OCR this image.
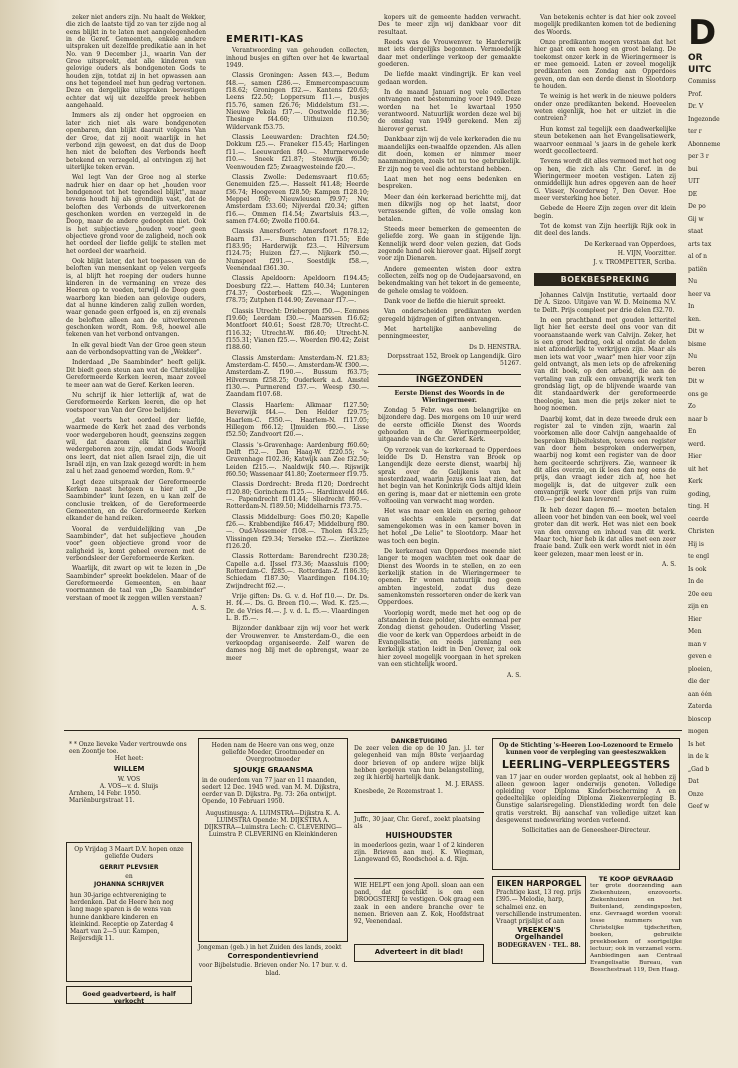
zeker niet anders zijn. Nu haalt de Wekker, die zich de laatste tijd zo van ter zijde nog al eens blijkt in te laten met aangelegenheden in de Geref. Gemeenten, enkele andere uitspraken uit dezelfde predikatie aan in het No. van 9 December j.l., waarin Van der Groe uitspreekt, dat alle kinderen van gelovige ouders als bondgenoten Gods te houden zijn, totdat zij in het opwassen aan ons het tegendeel met hun gedrag vertonen. Deze en dergelijke uitspraken bevestigen echter dat wij uit dezelfde preek hebben aangehaald.

Immers als zij onder het opgroeien en later zich niet als ware bondgenoten openbaren, dan blijkt daaruit volgens Van der Groe, dat zij nooit waarlijk in het verbond zijn geweest, en dat dus de Doop hen niet de beloften des Verbonds heeft betekend en verzegeld, al ontvingen zij het uiterlijke teken ervan.

Wel legt Van der Groe nog al sterke nadruk hier en daar op het „houden voor bondgenoot tot het tegendeel blijkt", maar tevens houdt hij als grondlijn vast, dat de beloften des Verbonds de uitverkorenen geschonken worden en verzegeld in de Doop, maar de andere gedoopten niet. Ook is het subjectieve „houden voor" geen objectieve grond voor de zaligheid, noch ook het oordeel der liefde gelijk te stellen met het oordeel der waarheid.

Ook blijkt later, dat het toepassen van de beloften van mensenkant op velen vergeefs is, al blijft het roeping der ouders hunne kinderen in de vermaning en vreze des Heeren op te voeden, terwijl de Doop geen waarborg kan bieden aan gelovige ouders, dat al hunne kinderen zalig zullen worden, waar genade geen erfgoed is, en zij evenals de beloften alleen aan de uitverkorenen geschonken wordt, Rom. 9:8, hoewel alle tekenen van het verbond ontvangen.

In elk geval biedt Van der Groe geen steun aan de verbondsopvatting van de „Wekker".

Inderdaad „De Saambinder" heeft gelijk. Dit biedt geen steun aan wat de Christelijke Gereformeerde Kerken leeren, maar zoveel te meer aan wat de Geref. Kerken leeren.

Nu schrijf ik hier letterlijk af, wat de Gereformeerde Kerken leeren, die op het voetspoor van Van der Groe belijden:

„dat veerts het oordeel der liefde, waarmede de Kerk het zaad des verbonds voor wedergeboren houdt, geenszins zeggen wil, dat daarom elk kind waarlijk wedergeboren zou zijn, omdat Gods Woord ons leert, dat niet allen Israel zijn, die uit Israël zijn, en van Izak gezegd wordt: in hem zal u het zaad genoemd worden, Rom. 9."

Legt deze uitspraak der Gereformeerde Kerken naast hetgeen u hier uit „De Saambinder" kunt lezen, en u kan zelf de conclusie trekken, of de Gereformeerde Gemeenten, en de Gereformeerde Kerken elkander de hand reiken.

Vooral de verduidelijking van „De Saambinder", dat het subjectieve „houden voor" geen objectieve grond voor de zaligheid is, komt geheel overeen met de verbondsleer der Gereformeerde Kerken.

Waarlijk, dit zwart op wit te lezen in „De Saambinder" spreekt boekdelen. Maar of de Gereformeerde Gemeenten, en haar voormannen de taal van „De Saambinder" verstaan of moet ik zeggen willen verstaan?

A. S.
EMERITI-KAS

Verantwoording van gehouden collecten, inhoud busjes en giften over het 4e kwartaal 1949.

Classis Groningen: Assen f43.—, Bedum f48.—, samen f286.—. Emmercompascuum f18.62; Groningen f32.—. Kantens f20.63; Leens f22.50; Loppersum f11.—, busjes f15.76, samen f26.76; Middelstum f31.—. Nieuwe Pekela f37.—. Oostwolde f12.36; Thesinge f44.60; Uithuizen f10.50; Wildervank f53.75.

Classis Leeuwarden: Drachten f24.50; Dokkum f25.—. Franeker f15.45; Harlingen f11.—. Leeuwarden f40.—. Murmerwoude f10.—. Sneek f21.87; Steenwijk f6.50; Veenwouden f25; Zwaagwesteinde f20.—.

Classis Zwolle: Dedemsvaart f10.65; Genemuiden f25.—. Hasselt f41.48; Heerde f36.74; Hoogeveen f28.50; Kampen f128.10; Meppel f60; Nieuwleusen f9.97; Nw. Amsterdam f33.60; Nijverdal f20.34; giften f16.—. Ommen f14.54; Zwartsluis f43.—, samen f74.60; Zwolle f100.64.

Classis Amersfoort: Amersfoort f178.12; Baarn f31.—. Bunschoten f171.55; Ede f183.95; Harderwijk f23.—. Hilversum f124.75; Huizen f27.—. Nijkerk f50.—. Nunspeet f291.—. Soestdijk f58.—, Veenendaal f361.30.

Classis Apeldoorn: Apeldoorn f194.45; Doesburg f22.—. Hattem f40.34; Lunteren f74.37; Oosterbeek f25.—. Wageningen f78.75; Zutphen f144.90; Zevenaar f17.—.

Classis Utrecht: Driebergen f50.—. Eemnes f19.60; Leerdam f30.—. Maarssen f16.62; Montfoort f40.61; Soest f28.70; Utrecht-C. f116.32; Utrecht-W. f86.40; Utrecht-N. f155.31; Vianen f25.—. Woerden f90.42; Zeist f188.60.

Classis Amsterdam: Amsterdam-N. f21.83; Amsterdam-C. f450.—. Amsterdam-W. f300.—. Amsterdam-Z. f190.—. Bussum f63.75; Hilversum f258.25; Ouderkerk a.d. Amstel f130.—. Purmerend f37.—. Weesp f30.—. Zaandam f107.68.

Classis Haarlem: Alkmaar f127.50; Beverwijk f44.—. Den Helder f29.75; Haarlem-C. f350.—. Haarlem-N. f117.05; Hillegom f66.12; IJmuiden f60.—. Lisse f52.50; Zandvoort f20.—.

Classis 's-Gravenhage: Aardenburg f60.60; Delft f52.—. Den Haag-W. f220.55; 's-Gravenhage f102.36; Katwijk aan Zee f32.50; Leiden f215.—. Naaldwijk f40.—. Rijswijk f60.50; Wassenaar f41.80; Zoetermeer f19.75.

Classis Dordrecht: Breda f120; Dordrecht f120.80; Gorinchem f125.—. Hardinxveld f46.—. Papendrecht f101.44; Sliedrecht f60.—. Rotterdam-N. f189.50; Middelharnis f73.75.

Classis Middelburg: Goes f50.20; Kapelle f26.—. Krabbendijke f46.47; Middelburg f80.—. Oud-Vossemeer f108.—. Tholen f43.25; Vlissingen f29.34; Yerseke f52.—. Zierikzee f126.20.

Classis Rotterdam: Barendrecht f230.28; Capelle a.d. IJssel f73.36; Maassluis f100; Rotterdam-C. f285.—. Rotterdam-Z. f186.35; Schiedam f187.30; Vlaardingen f104.10; Zwijndrecht f62.—.

Vrije giften: Ds. G. v. d. Hof f10.—. Dr. Ds. H. f4.—. Ds. G. Breen f10.—. Wed. K. f25.—. Dr. de Vries f4.—. J. v. d. L. f5.—. Vlaardingen L. B. f5.—.

Bijzonder dankbaar zijn wij voor het werk der Vrouwenver. te Amsterdam-O., die een verkoopdag organiseerde. Zelf waren de dames nog blij met de opbrengst, waar ze meer

kopers uit de gemeente hadden verwacht. Des te meer zijn wij dankbaar voor dit resultaat.

Reeds was de Vrouwenver. te Harderwijk met iets dergelijks begonnen. Vermoedelijk daar met onderlinge verkoop der gemaakte goederen.

De liefde maakt vindingrijk. Er kan veel gedaan worden.

In de maand Januari nog vele collecten ontvangen met bestemming voor 1949. Deze worden na het 1e kwartaal 1950 verantwoord. Natuurlijk worden deze wel bij de omslag van 1949 gerekend. Men zij hierover gerust.

Dankbaar zijn wij de vele kerkeraden die nu maandelijks een-twaalfde opzenden. Als allen dit doen, komen er nimmer meer naanmaningen, zoals tot nu toe gebruikelijk. Er zijn nog te veel die achterstand hebben.

Laat men het nog eens bedenken en bespreken.

Meer dan één kerkeraad berichtte mij, dat men dikwijls nog op het laatst, door verrassende giften, de volle omslag kon betalen.

Steeds meer bemerken de gemeenten de geliefde zorg. We gaan in stijgende lijn. Kennelijk werd door velen gezien, dat Gods zegende hand ook hierover gaat. Hijself zorgt voor zijn Dienaren.

Andere gemeenten wisten door extra collecten, zelfs nog op de Oudejaarsavond, en bekendmaking van het tekort in de gemeente, de gehele omslag te voldoen.

Dank voor de liefde die hieruit spreekt.

Van onderscheiden predikanten werden geregeld bijdragen of giften ontvangen.

Met hartelijke aanbeveling de penningmeester,

Ds D. HENSTRA.
Dorpsstraat 152, Broek op Langendijk. Giro 51267.
INGEZONDEN
Eerste Dienst des Woords in de Wieringermeer.

Zondag 5 Febr. was een belangrijke en bijzondere dag. Des morgens om 10 uur werd de eerste officiële Dienst des Woords gehouden in de Wieringermeerpolder, uitgaande van de Chr. Geref. Kerk.

Op verzoek van de kerkeraad te Opperdoes leidde Ds D. Henstra van Broek op Langendijk deze eerste dienst, waarbij hij sprak over de Gelijkenis van het mosterdzaad, waarin Jezus ons laat zien, dat het begin van het Koninkrijk Gods altijd klein en gering is, maar dat er niettemin een grote voltooiing van verwacht mag worden.

Het was maar een klein en gering gehoor van slechts enkele personen, dat samengekomen was in een kamer boven in het hotel „De Lelie" te Slootdorp. Maar het was toch een begin.

De kerkeraad van Opperdoes meende niet langer te mogen wachten met ook daar de Dienst des Woords in te stellen, en zo een kerkelijk station in de Wieringermeer te openen. Er wonen natuurlijk nog geen ambten ingesteld, zodat dus deze samenkomsten ressorteren onder de kerk van Opperdoes.

Voorlopig wordt, mede met het oog op de afstanden in deze polder, slechts eenmaal per Zondag dienst gehouden. Ouderling Visser, die voor de kerk van Opperdoes arbeidt in de Evangelisatie, en reeds jarenlang een kerkelijk station leidt in Den Oever, zal ook hier zoveel mogelijk voorgaan in het spreken van een stichtelijk woord.

A. S.

Van betekenis echter is dat hier ook zoveel mogelijk predikanten komen tot de bediening des Woords.

Onze predikanten mogen verstaan dat het hier gaat om een hoog en groot belang. De toekomst onzer kerk in de Wieringermeer is er mee gemoeid. Laten er zoveel mogelijk predikanten een Zondag aan Opperdoes geven, om dan een derde dienst in Slootdorp te houden.

Te weinig is het werk in de nieuwe polders onder onze predikanten bekend. Hoeveelen weten eigenlijk, hoe het er uitziet in die contreien?

Hun komst zal tegelijk een daadwerkelijke steun betekenen aan het Evangelisatiewerk, waarvoor eenmaal 's jaars in de gehele kerk wordt gecollecteerd.

Tevens wordt dit alles vermoed met het oog op hen, die zich als Chr. Geref. in de Wieringermeer moeten vestigen. Laten zij onmiddellijk hun adres opgeven aan de heer G. Visser, Noorderweg 7, Den Oever. Hoe meer versterking hoe beter.

Gebede de Heere Zijn zegen over dit klein begin.

Tot de komst van Zijn heerlijk Rijk ook in dit deel des lands.

De Kerkeraad van Opperdoes,
H. VIJN, Voorzitter.
J. v. TROMPETTER, Scriba.
BOEKBESPREKING

Johannes Calvijn Institutie, vertaald door Dr A. Sizoo. Uitgave van W. D. Meinema N.V. te Delft. Prijs compleet per drie delen f32.70.

In een prachtband met gouden letteritel ligt hier het eerste deel ons voor van dit vooraanstaande werk van Calvijn. Zeker, het is een groot bedrag, ook al omdat de delen niet afzonderlijk te verkrijgen zijn. Maar als men iets wat voor „waar" men hier voor zijn geld ontvangt, als men iets op de afrekening van dit boek, op den arbeid, die aan de vertaling van zulk een omvangrijk werk ten grondslag ligt, op de blijvende waarde van dit standaardwerk der gereformeerde theologie, kan men die prijs zeker niet te hoog noemen.

Daarbij komt, dat in deze tweede druk een register zal te vinden zijn, waarin zal voorkomen alle door Calvijn aangehaalde of besproken Bijbelteksten, tevens een register van door hem besproken onderwerpen, waarbij nog komt een register van de door hem geciteerde schrijvers. Zie, wanneer ik dit alles overzie, en ik lees dan nog eens de prijs, dan vraagt ieder zich af, hoe het mogelijk is, dat de uitgever zulk een omvangrijk werk voor dien prijs van ruim f10.— per deel kan leveren!

Ik heb dezer dagen f6.— moeten betalen alleen voor het binden van een boek, wel veel groter dan dit werk. Het was niet een boek van den omvang en inhoud van dit werk. Maar toch, hier heb ik dat alles met een zeer fraaie band. Zulk een werk wordt niet in één keer gelezen, maar men leest er in.

A. S.
D
OR
UITC
Commiss
Prof.
Dr. V
Ingezonde
ter r
Abonneme
per 3 r
bui
UIT
DE
De po
Gij w
staat
arts tax
al of n
patiën
Nu
heer va
In
ken.
Dit w
bisme
Nu
beren
Dit w
ons ge
Zo
naar b
En
werd.
Hier
uit het
Kerk
goding,
ting. H
ceerde
Christen
Hij is
te engl
Is ook
In de
20e eeu
zijn en
Hier
Men
man v
geven e
ploeien,
die der
aan één
Zaterda
bioscop
mogen
Is het
in de k
„Gad b
Dat
Onze
Geef w
* * Onze lieveke Vader vertrouwde ons een Zoontje toe.
Het heet:
WILLEM
W. VOS
A. VOS—v. d. Sluijs
Arnhem, 14 Febr. 1950. Mariënburgstraat 11.
Op Vrijdag 3 Maart D.V. hopen onze geliefde Ouders
GERRIT PLEVSIER
en
JOHANNA SCHRIJVER
hun 30-jarige echtvereniging te herdenken. Dat de Heere hen nog lang mage sparen is de wens van hunne dankbare kinderen en kleinkind. Receptie op Zaterdag 4 Maart van 2—5 uur. Kampen, Reijersdijk 11.
Goed geadverteerd, is half verkocht
Heden nam de Heere van ons weg, onze geliefde Moeder, Grootmoeder en Overgrootmoeder
SJOUKJE GRAANSMA
in de ouderdom van 77 jaar en 11 maanden, sedert 12 Dec. 1945 wed. van M. M. Dijkstra, eerder van D. Dijkstra. Pg. 73: 26a ontwijpt. Opende, 10 Februari 1950.
Augustinusga: A. LUIMSTRA—Dijkstra K. A. LUIMSTRA Opende: M. DIJKSTRA A. DIJKSTRA—Luimstra Lech: C. CLEVERING—Luimstra P. CLEVERING en Kleinkinderen
Jongeman (geb.) in het Zuiden des lands, zoekt
Correspondentievriend
voor Bijbelstudie. Brieven onder No. 17 bur. v. d. blad.
DANKBETUIGING
De zeer velen die op de 10 Jan. j.l. ter gelegenheid van mijn 80ste verjaardag door brieven of op andere wijze blijk hebben gegeven van hun belangstelling, zeg ik hierbij hartelijk dank.
M. J. ERASS.
Knesbede, 2e Rozemstraat 1.
Juffr., 30 jaar, Chr. Geref., zoekt plaatsing als
HUISHOUDSTER
in moederloos gezin, waar 1 of 2 kinderen zijn. Brieven aan mej. K. Wiegman, Langewand 65, Roodschool a. d. Rijn.
WIE HELPT een jong Apoll. sloan aan een pand, dat geschikt is om een DROOGSTERIJ te vestigen. Ook graag een zaak in een andere branche over te nemen. Brieven aan Z. Kok, Hoofdstraat 92, Veenendaal.
Adverteert in dit blad!
Op de Stichting 's-Heeren Loo-Lozenoord te Ermelo kunnen voor de verpleging van geesteszwakken
LEERLING–VERPLEEGSTERS
van 17 jaar en ouder worden geplaatst, ook al hebben zij alleen gewoon lager onderwijs genoten. Volledige opleiding voor Diploma Kinderbescherming A en gedeeltelijke opleiding Diploma Ziekenverpleging B. Gunstige salarisregeling. Dienstkleding wordt ten dele gratis verstrekt. Bij aanschaf van volledige uitzet kan desgewenst medewerking worden verleend.
Sollicitaties aan de Geneesheer-Directeur.
EIKEN HARPORGEL
Prachtige kast, 13 reg. prijs f395.— Melodie, harp, schalmei enz. en verschillende instrumenten. Vraagt prijslijst of aan
VREEKEN'S Orgelhandel
BODEGRAVEN · TEL. 88.
TE KOOP GEVRAAGD
ter grote doorzending aan Ziekenhuizen, enzovoorts. Ziekenhuizen en het Buitenland, zendingsposten, enz. Gevraagd worden vooral: losse nummers van Christelijke tijdschriften, boeken, gebruikte preekboeken of soortgelijke lectuur; ook in verzamel vorm. Aanbiedingen aan Centraal Evangelisatie Bureau, van Bosschestraat 119, Den Haag.
